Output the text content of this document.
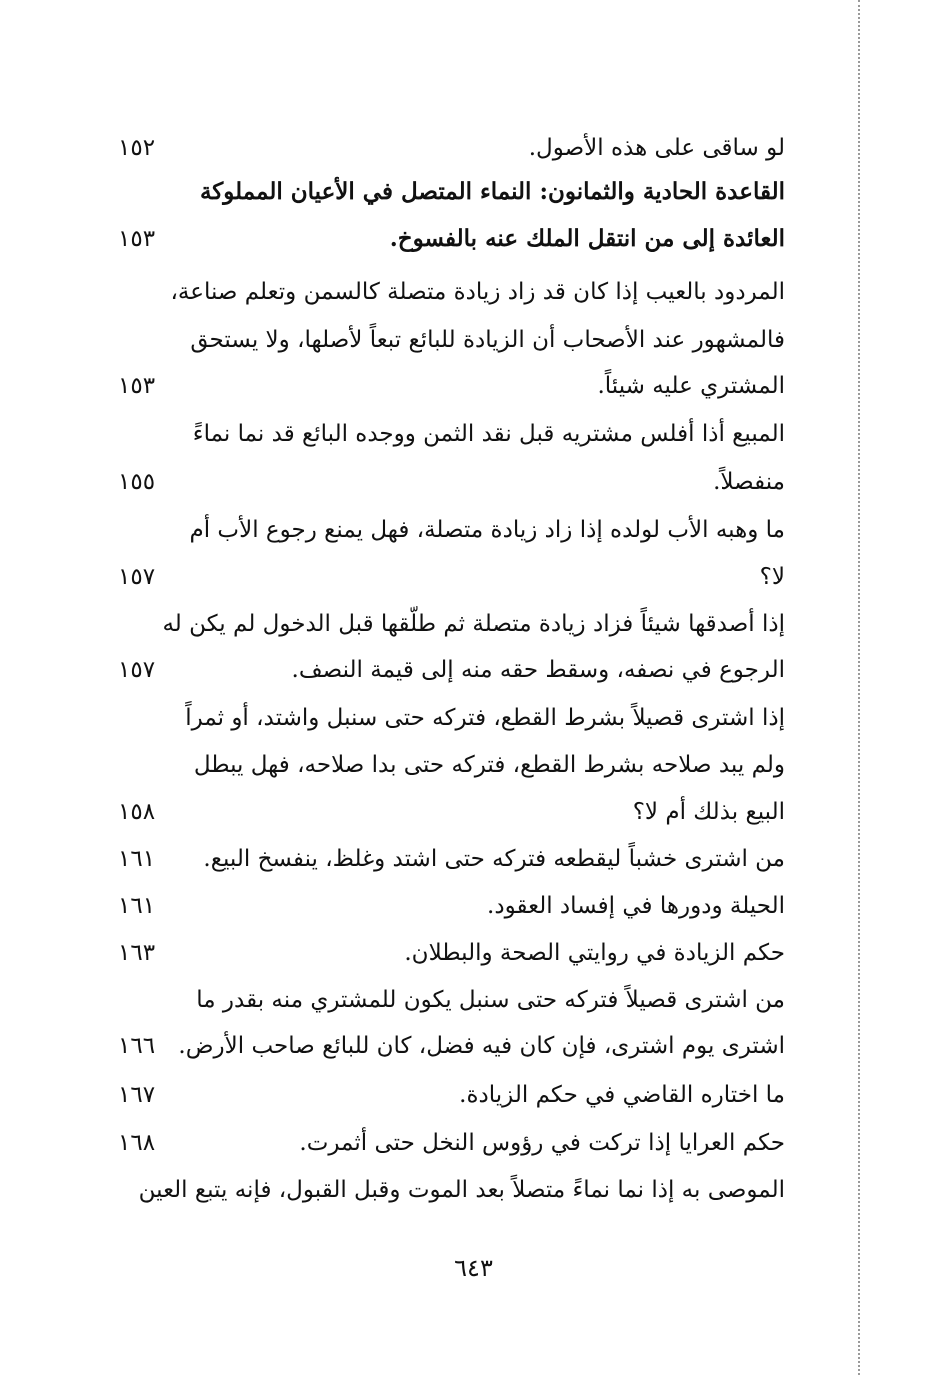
لو ساقى على هذه الأصول.
١٥٢
القاعدة الحادية والثمانون: النماء المتصل في الأعيان المملوكة
العائدة إلى من انتقل الملك عنه بالفسوخ.
١٥٣
المردود بالعيب إذا كان قد زاد زيادة متصلة كالسمن وتعلم صناعة،
فالمشهور عند الأصحاب أن الزيادة للبائع تبعاً لأصلها، ولا يستحق
المشتري عليه شيئاً.
١٥٣
المبيع أذا أفلس مشتريه قبل نقد الثمن ووجده البائع قد نما نماءً
منفصلاً.
١٥٥
ما وهبه الأب لولده إذا زاد زيادة متصلة، فهل يمنع رجوع الأب أم
لا؟
١٥٧
إذا أصدقها شيئاً فزاد زيادة متصلة ثم طلّقها قبل الدخول لم يكن له
الرجوع في نصفه، وسقط حقه منه إلى قيمة النصف.
١٥٧
إذا اشترى قصيلاً بشرط القطع، فتركه حتى سنبل واشتد، أو ثمراً
ولم يبد صلاحه بشرط القطع، فتركه حتى بدا صلاحه، فهل يبطل
البيع بذلك أم لا؟
١٥٨
من اشترى خشباً ليقطعه فتركه حتى اشتد وغلظ، ينفسخ البيع.
١٦١
الحيلة ودورها في إفساد العقود.
١٦١
حكم الزيادة في روايتي الصحة والبطلان.
١٦٣
من اشترى قصيلاً فتركه حتى سنبل يكون للمشتري منه بقدر ما
اشترى يوم اشترى، فإن كان فيه فضل، كان للبائع صاحب الأرض.
١٦٦
ما اختاره القاضي في حكم الزيادة.
١٦٧
حكم العرايا إذا تركت في رؤوس النخل حتى أثمرت.
١٦٨
الموصى به إذا نما نماءً متصلاً بعد الموت وقبل القبول، فإنه يتبع العين
٦٤٣
